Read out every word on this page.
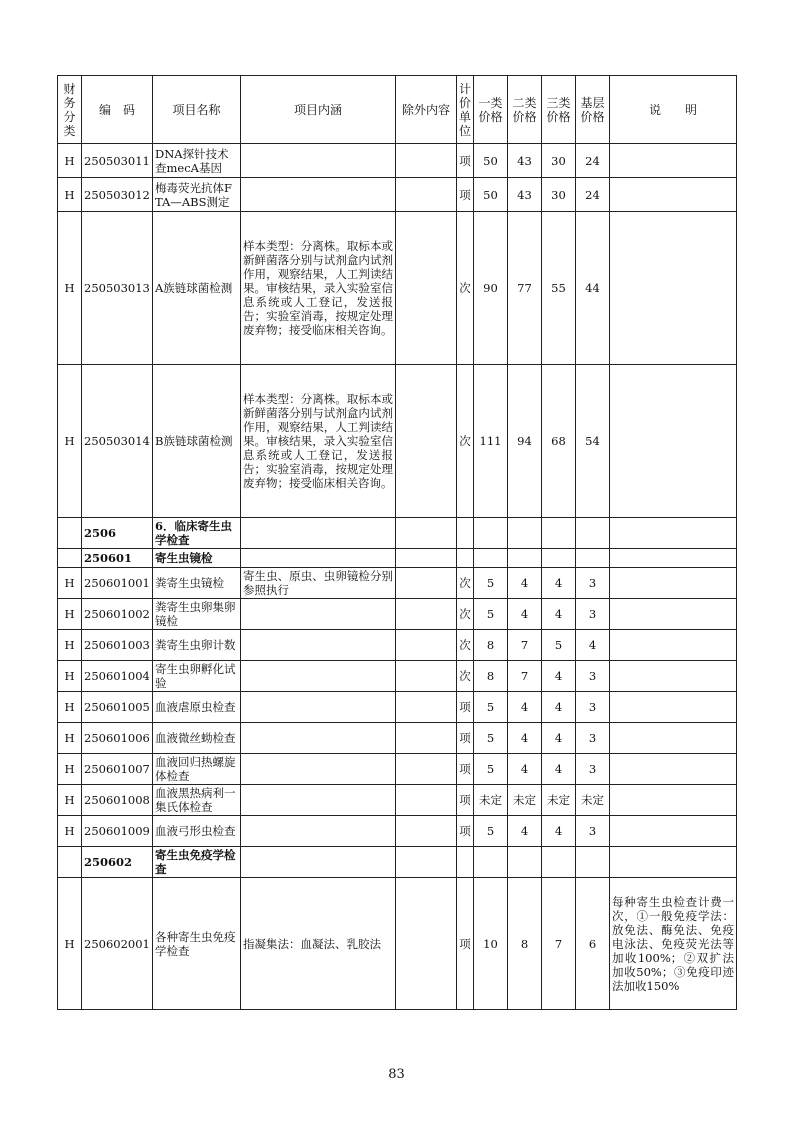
财务分类	编　码	项目名称	项目内涵	除外内容	计价单位	一类价格	二类价格	三类价格	基层价格	说　　明
H	250503011	DNA探针技术查mecA基因			项	50	43	30	24	
H	250503012	梅毒荧光抗体FTA—ABS测定			项	50	43	30	24	
H	250503013	A族链球菌检测	样本类型：分离株。取标本或新鲜菌落分别与试剂盒内试剂作用，观察结果，人工判读结果。审核结果，录入实验室信息系统或人工登记，发送报告；实验室消毒，按规定处理废弃物；接受临床相关咨询。		次	90	77	55	44	
H	250503014	B族链球菌检测	样本类型：分离株。取标本或新鲜菌落分别与试剂盒内试剂作用，观察结果，人工判读结果。审核结果，录入实验室信息系统或人工登记，发送报告；实验室消毒，按规定处理废弃物；接受临床相关咨询。		次	111	94	68	54	
	2506	6．临床寄生虫学检查								
	250601	寄生虫镜检								
H	250601001	粪寄生虫镜检	寄生虫、原虫、虫卵镜检分别参照执行		次	5	4	4	3	
H	250601002	粪寄生虫卵集卵镜检			次	5	4	4	3	
H	250601003	粪寄生虫卵计数			次	8	7	5	4	
H	250601004	寄生虫卵孵化试验			次	8	7	4	3	
H	250601005	血液虐原虫检查			项	5	4	4	3	
H	250601006	血液微丝蚴检查			项	5	4	4	3	
H	250601007	血液回归热螺旋体检查			项	5	4	4	3	
H	250601008	血液黑热病利一集氏体检查			项	未定	未定	未定	未定	
H	250601009	血液弓形虫检查			项	5	4	4	3	
	250602	寄生虫免疫学检查								
H	250602001	各种寄生虫免疫学检查	指凝集法：血凝法、乳胶法		项	10	8	7	6	每种寄生虫检查计费一次，①一般免疫学法：放免法、酶免法、免疫电泳法、免疫荧光法等加收100%；②双扩法加收50%；③免疫印迹法加收150%
83
